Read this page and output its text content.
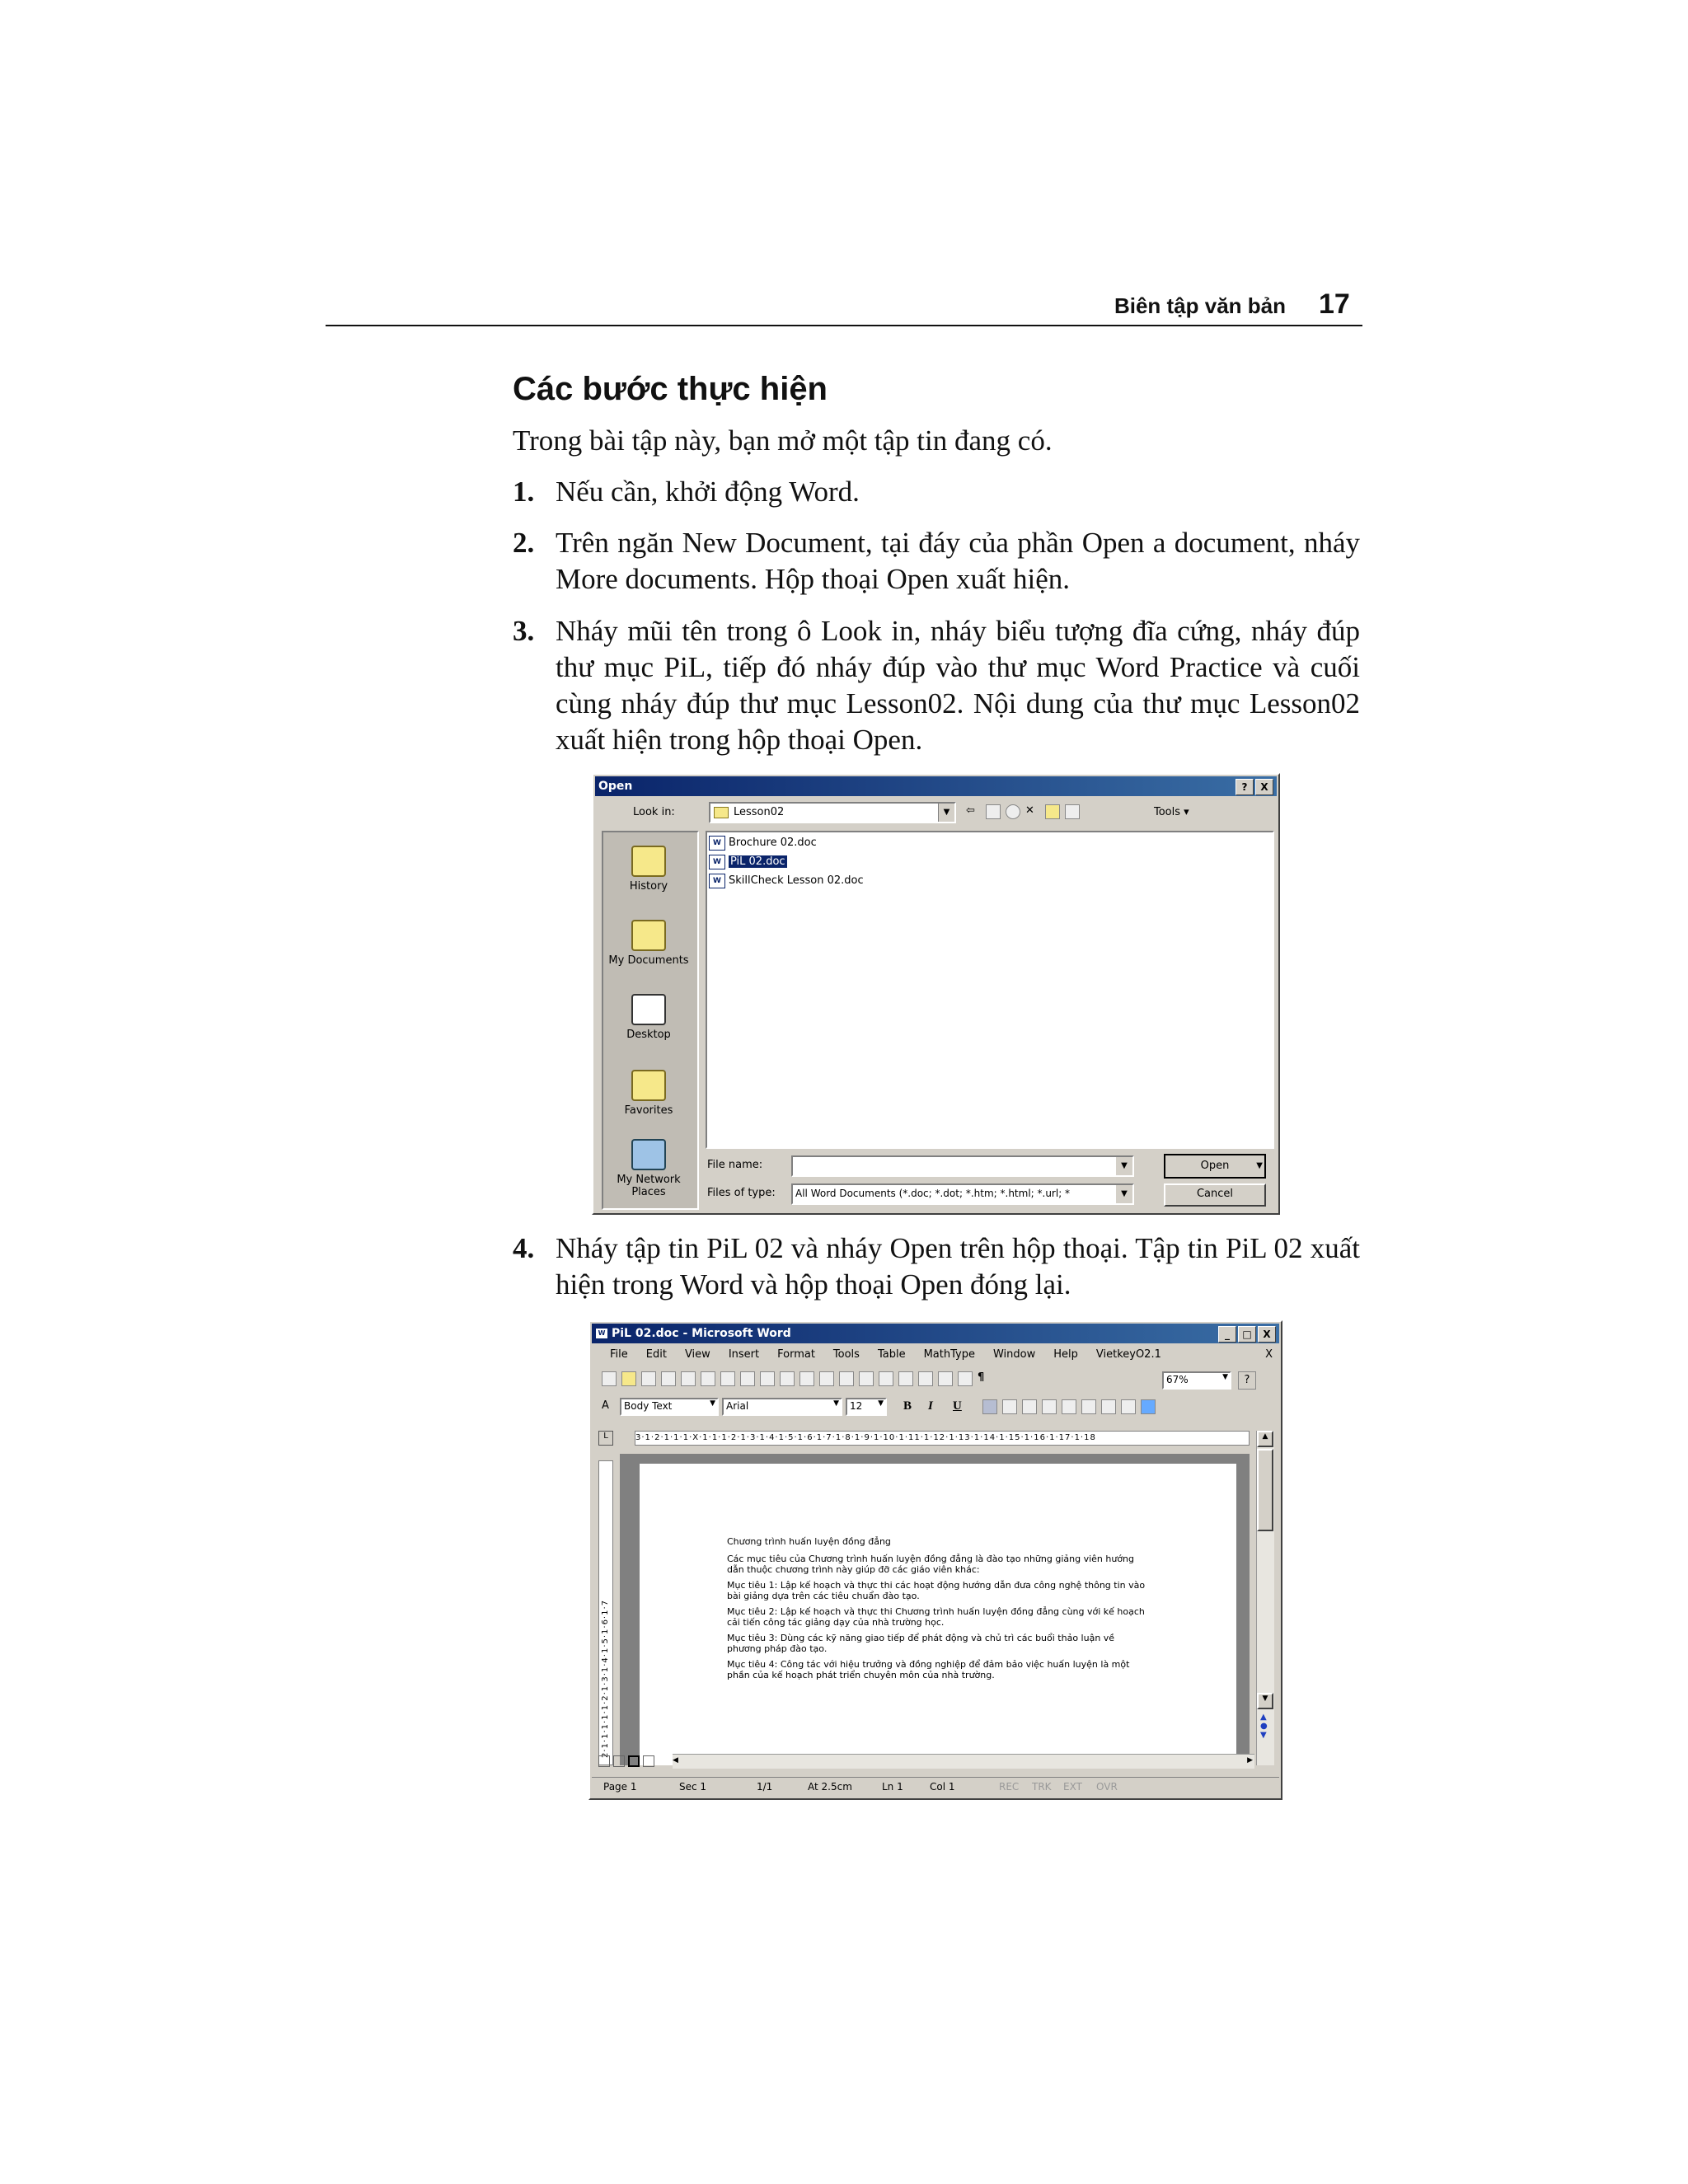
Biên tập văn bản 17
Các bước thực hiện
Trong bài tập này, bạn mở một tập tin đang có.
1. Nếu cần, khởi động Word.
2. Trên ngăn New Document, tại đáy của phần Open a document, nháy More documents. Hộp thoại Open xuất hiện.
3. Nháy mũi tên trong ô Look in, nháy biểu tượng đĩa cứng, nháy đúp thư mục PiL, tiếp đó nháy đúp vào thư mục Word Practice và cuối cùng nháy đúp thư mục Lesson02. Nội dung của thư mục Lesson02 xuất hiện trong hộp thoại Open.
Open	?	X
Look in:	Lesson02	▼	⇦	✕	Tools ▾
History
My Documents
Desktop
Favorites
My Network Places
W Brochure 02.doc
W PiL 02.doc
W SkillCheck Lesson 02.doc
File name:	▼
Files of type:	All Word Documents (*.doc; *.dot; *.htm; *.html; *.url; *	▼
Open	▼
Cancel
4. Nháy tập tin PiL 02 và nháy Open trên hộp thoại. Tập tin PiL 02 xuất hiện trong Word và hộp thoại Open đóng lại.
W PiL 02.doc - Microsoft Word	_	□	X
File Edit View Insert Format Tools Table MathType Window Help VietkeyO2.1	X
¶	67%	▼	?
A	Body Text	▼	Arial	▼	12 ▼ B I U
L	3·1·2·1·1·1·X·1·1·1·2·1·3·1·4·1·5·1·6·1·7·1·8·1·9·1·10·1·11·1·12·1·13·1·14·1·15·1·16·1·17·1·18
2·1·1·1·1·1·2·1·3·1·4·1·5·1·6·1·7

Chương trình huấn luyện đồng đẳng

Các mục tiêu của Chương trình huấn luyện đồng đẳng là đào tạo những giảng viên hướng dẫn thuộc chương trình này giúp đỡ các giáo viên khác:

Mục tiêu 1: Lập kế hoạch và thực thi các hoạt động hướng dẫn đưa công nghệ thông tin vào bài giảng dựa trên các tiêu chuẩn đào tạo.

Mục tiêu 2: Lập kế hoạch và thực thi Chương trình huấn luyện đồng đẳng cùng với kế hoạch cải tiến công tác giảng dạy của nhà trường học.

Mục tiêu 3: Dùng các kỹ năng giao tiếp để phát động và chủ trì các buổi thảo luận về phương pháp đào tạo.

Mục tiêu 4: Công tác với hiệu trưởng và đồng nghiệp để đảm bảo việc huấn luyện là một phần của kế hoạch phát triển chuyên môn của nhà trường.

▲
▼
▲
●
▼
◀	▶
Page 1	Sec 1	1/1	At 2.5cm	Ln 1	Col 1	REC TRK EXT OVR
